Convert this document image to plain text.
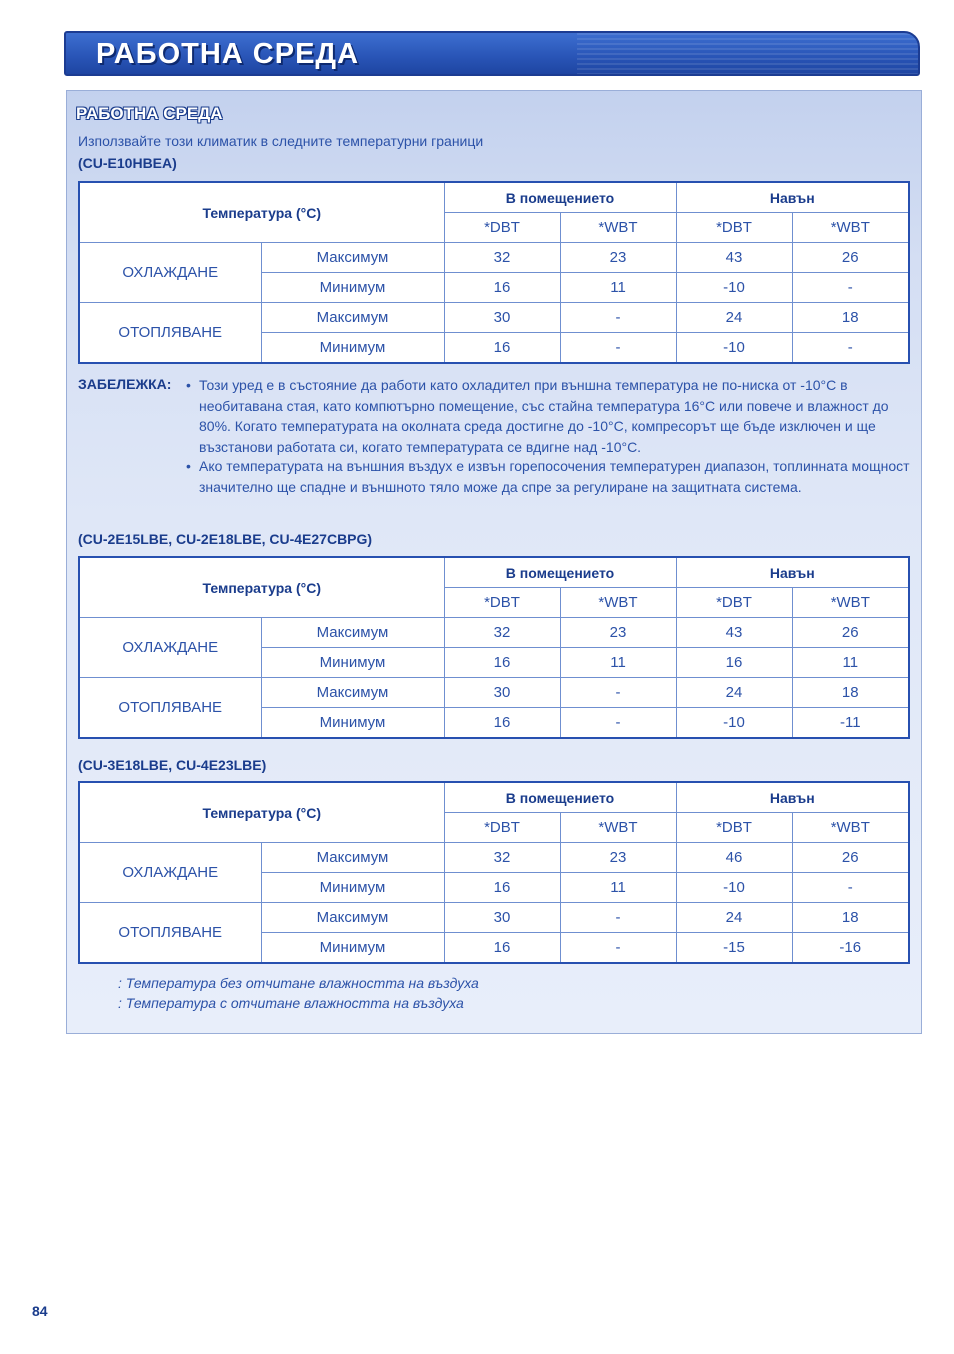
РАБОТНА СРЕДА
РАБОТНА СРЕДА
Използвайте този климатик в следните температурни граници
(CU-E10HBEA)
Температура (°C)		В помещението		Навън	
		*DBT	*WBT	*DBT	*WBT
ОХЛАЖДАНЕ	Максимум	32	23	43	26
	Минимум	16	11	-10	-
ОТОПЛЯВАНЕ	Максимум	30	-	24	18
	Минимум	16	-	-10	-
ЗАБЕЛЕЖКА: • Този уред е в състояние да работи като охладител при външна температура не по-ниска от -10°C в необитавана стая, като компютърно помещение, със стайна температура 16°C или повече и влажност до 80%. Когато температурата на околната среда достигне до -10°C, компресорът ще бъде изключен и ще възстанови работата си, когато температурата се вдигне над -10°C.
• Ако температурата на външния въздух е извън горепосочения температурен диапазон, топлинната мощност значително ще спадне и външното тяло може да спре за регулиране на защитната система.
(CU-2E15LBE, CU-2E18LBE, CU-4E27CBPG)
Температура (°C)		В помещението		Навън	
		*DBT	*WBT	*DBT	*WBT
ОХЛАЖДАНЕ	Максимум	32	23	43	26
	Минимум	16	11	16	11
ОТОПЛЯВАНЕ	Максимум	30	-	24	18
	Минимум	16	-	-10	-11
(CU-3E18LBE, CU-4E23LBE)
Температура (°C)		В помещението		Навън	
		*DBT	*WBT	*DBT	*WBT
ОХЛАЖДАНЕ	Максимум	32	23	46	26
	Минимум	16	11	-10	-
ОТОПЛЯВАНЕ	Максимум	30	-	24	18
	Минимум	16	-	-15	-16
: Температура без отчитане влажността на въздуха
: Температура с отчитане влажността на въздуха
84
